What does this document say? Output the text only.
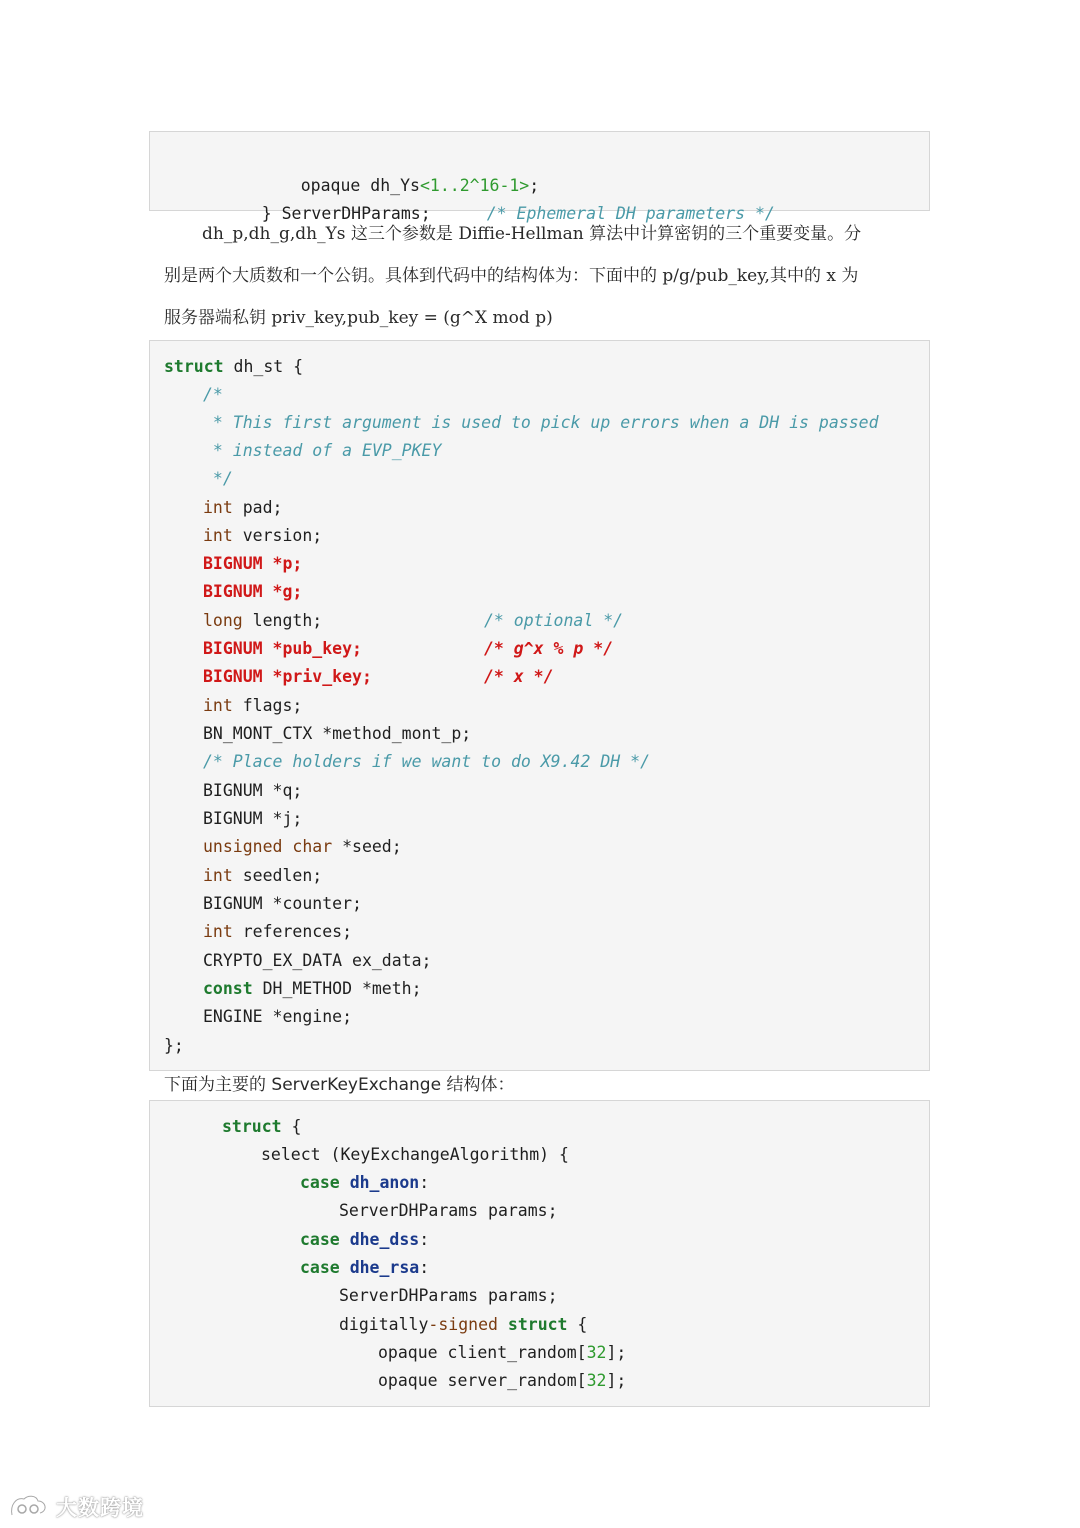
opaque dh_Ys<1..2^16-1>;

} ServerDHParams;
	/* Ephemeral DH parameters */

dh_p,dh_g,dh_Ys 这三个参数是 Diffie-Hellman 算法中计算密钥的三个重要变量。分
别是两个大质数和一个公钥。具体到代码中的结构体为：下面中的 p/g/pub_key,其中的 x 为
服务器端私钥 priv_key,pub_key = (g^X mod p)
struct dh_st {
/*
* This first argument is used to pick up errors when a DH is passed
* instead of a EVP_PKEY
*/
int pad;
int version;
BIGNUM *p;
BIGNUM *g;
long length;	/* optional */
BIGNUM *pub_key;	/* g^x % p */
BIGNUM *priv_key;	/* x */
int flags;
BN_MONT_CTX *method_mont_p;
/* Place holders if we want to do X9.42 DH */
BIGNUM *q;
BIGNUM *j;
unsigned char *seed;
int seedlen;
BIGNUM *counter;
int references;
CRYPTO_EX_DATA ex_data;
const DH_METHOD *meth;
ENGINE *engine;
};
下面为主要的 ServerKeyExchange 结构体：
struct {
select (KeyExchangeAlgorithm) {
case dh_anon:
ServerDHParams params;
case dhe_dss:
case dhe_rsa:
ServerDHParams params;
digitally-signed struct {
opaque client_random[32];
opaque server_random[32];
大数跨境
